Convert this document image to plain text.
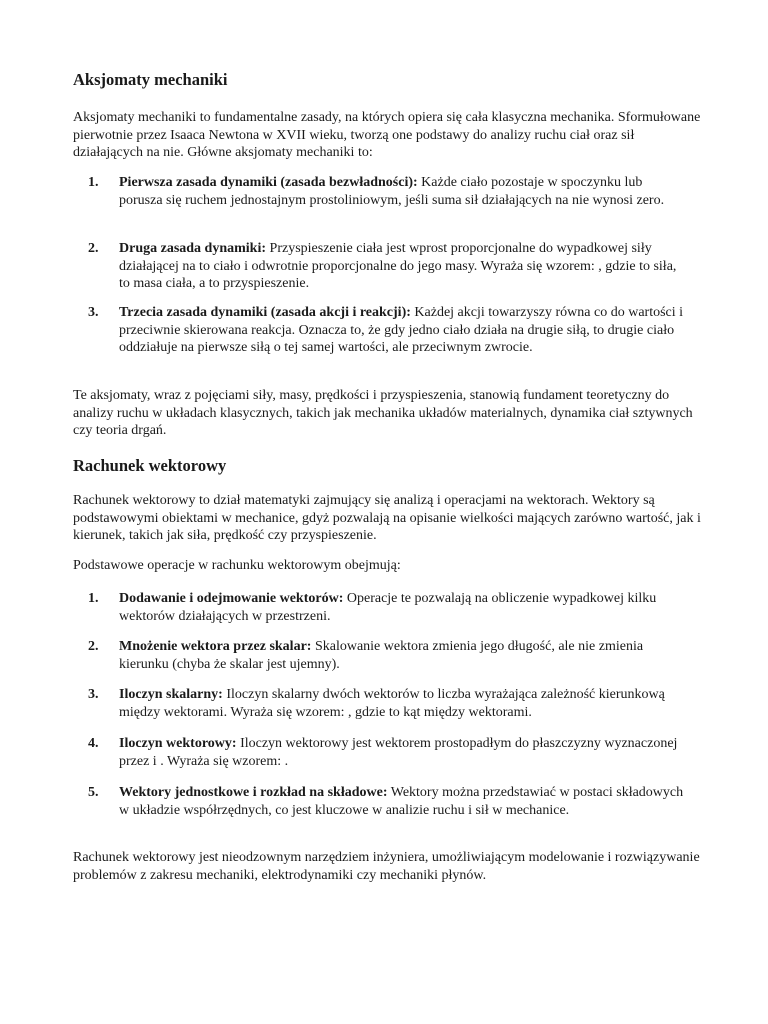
Aksjomaty mechaniki

Aksjomaty mechaniki to fundamentalne zasady, na których opiera się cała klasyczna mechanika. Sformułowane pierwotnie przez Isaaca Newtona w XVII wieku, tworzą one podstawy do analizy ruchu ciał oraz sił działających na nie. Główne aksjomaty mechaniki to:

1.	Pierwsza zasada dynamiki (zasada bezwładności): Każde ciało pozostaje w spoczynku lub porusza się ruchem jednostajnym prostoliniowym, jeśli suma sił działających na nie wynosi zero.
2.	Druga zasada dynamiki: Przyspieszenie ciała jest wprost proporcjonalne do wypadkowej siły działającej na to ciało i odwrotnie proporcjonalne do jego masy. Wyraża się wzorem: , gdzie to siła, to masa ciała, a to przyspieszenie.
3.	Trzecia zasada dynamiki (zasada akcji i reakcji): Każdej akcji towarzyszy równa co do wartości i przeciwnie skierowana reakcja. Oznacza to, że gdy jedno ciało działa na drugie siłą, to drugie ciało oddziałuje na pierwsze siłą o tej samej wartości, ale przeciwnym zwrocie.

Te aksjomaty, wraz z pojęciami siły, masy, prędkości i przyspieszenia, stanowią fundament teoretyczny do analizy ruchu w układach klasycznych, takich jak mechanika układów materialnych, dynamika ciał sztywnych czy teoria drgań.

Rachunek wektorowy

Rachunek wektorowy to dział matematyki zajmujący się analizą i operacjami na wektorach. Wektory są podstawowymi obiektami w mechanice, gdyż pozwalają na opisanie wielkości mających zarówno wartość, jak i kierunek, takich jak siła, prędkość czy przyspieszenie.

Podstawowe operacje w rachunku wektorowym obejmują:

1.	Dodawanie i odejmowanie wektorów: Operacje te pozwalają na obliczenie wypadkowej kilku wektorów działających w przestrzeni.
2.	Mnożenie wektora przez skalar: Skalowanie wektora zmienia jego długość, ale nie zmienia kierunku (chyba że skalar jest ujemny).
3.	Iloczyn skalarny: Iloczyn skalarny dwóch wektorów to liczba wyrażająca zależność kierunkową między wektorami. Wyraża się wzorem: , gdzie to kąt między wektorami.
4.	Iloczyn wektorowy: Iloczyn wektorowy jest wektorem prostopadłym do płaszczyzny wyznaczonej przez i . Wyraża się wzorem: .
5.	Wektory jednostkowe i rozkład na składowe: Wektory można przedstawiać w postaci składowych w układzie współrzędnych, co jest kluczowe w analizie ruchu i sił w mechanice.

Rachunek wektorowy jest nieodzownym narzędziem inżyniera, umożliwiającym modelowanie i rozwiązywanie problemów z zakresu mechaniki, elektrodynamiki czy mechaniki płynów.
